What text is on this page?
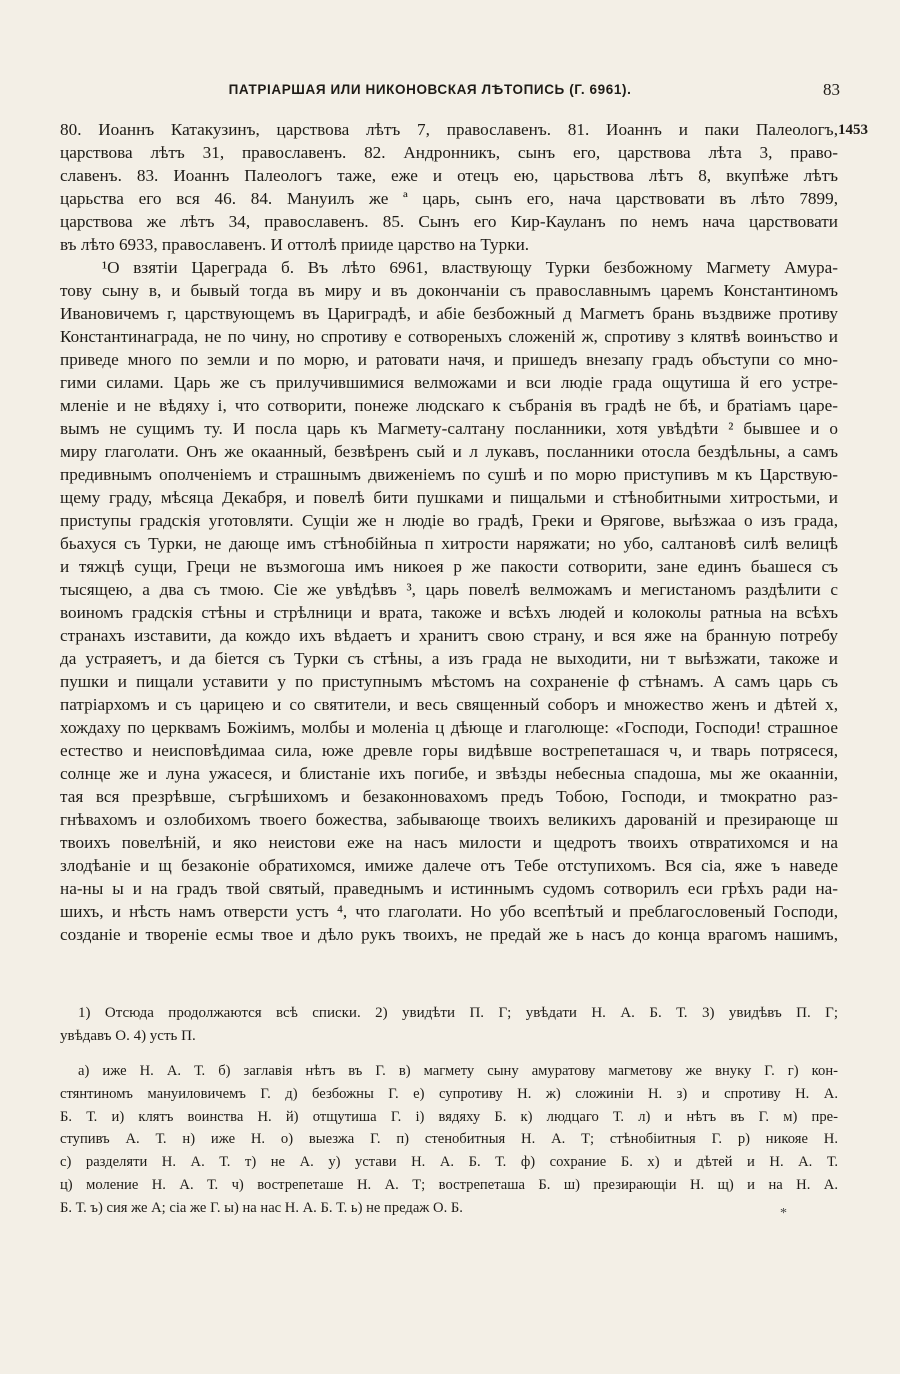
ПАТРІАРШАЯ ИЛИ НИКОНОВСКАЯ ЛѢТОПИСЬ (Г. 6961).	83
1453
80. Иоаннъ Катакузинъ, царствова лѣтъ 7, православенъ. 81. Иоаннъ и паки Палеологъ,
царствова лѣтъ 31, православенъ. 82. Андронникъ, сынъ его, царствова лѣта 3, право-
славенъ. 83. Иоаннъ Палеологъ таже, еже и отецъ ею, царьствова лѣтъ 8, вкупѣже лѣтъ
царьства его вся 46. 84. Мануилъ же ª царь, сынъ его, нача царствовати въ лѣто 7899,
царствова же лѣтъ 34, православенъ. 85. Сынъ его Кир-Кауланъ по немъ нача царствовати
въ лѣто 6933, православенъ. И оттолѣ прииде царство на Турки.
¹О взятіи Цареграда б. Въ лѣто 6961, властвующу Турки безбожному Магмету Амура-
тову сыну в, и бывый тогда въ миру и въ докончаніи съ православнымъ царемъ Константиномъ
Ивановичемъ г, царствующемъ въ Цариградѣ, и абіе безбожный д Магметъ брань въздвиже противу
Константинаграда, не по чину, но спротиву е сотвореныхъ сложеній ж, спротиву з клятвѣ воинъство и
приведе много по земли и по морю, и ратовати начя, и пришедъ внезапу градъ объступи со мно-
гими силами. Царь же съ прилучившимися велможами и вси людіе града ощутиша й его устре-
мленіе и не вѣдяху і, что сотворити, понеже людскаго к събранія въ градѣ не бѣ, и братіамъ царе-
вымъ не сущимъ ту. И посла царь къ Магмету-салтану посланники, хотя увѣдѣти ² бывшее и о
миру глаголати. Онъ же окаанный, безвѣренъ сый и л лукавъ, посланники отосла бездѣльны, а самъ
предивнымъ ополченіемъ и страшнымъ движеніемъ по сушѣ и по морю приступивъ м къ Царствую-
щему граду, мѣсяца Декабря, и повелѣ бити пушками и пищальми и стѣнобитными хитростьми, и
приступы градскія уготовляти. Сущіи же н людіе во градѣ, Греки и Өрягове, выѣзжаа о изъ града,
бьахуся съ Турки, не дающе имъ стѣнобійныа п хитрости наряжати; но убо, салтановѣ силѣ велицѣ
и тяжцѣ сущи, Греци не възмогоша имъ никоея р же пакости сотворити, зане единъ бьашеся съ
тысящею, а два съ тмою. Сіе же увѣдѣвъ ³, царь повелѣ велможамъ и мегистаномъ раздѣлити с
воиномъ градскія стѣны и стрѣлници и врата, такоже и всѣхъ людей и колоколы ратныа на всѣхъ
странахъ изставити, да кождо ихъ вѣдаетъ и хранитъ свою страну, и вся яже на бранную потребу
да устраяетъ, и да біется съ Турки съ стѣны, а изъ града не выходити, ни т выѣзжати, такоже и
пушки и пищали уставити у по приступнымъ мѣстомъ на сохраненіе ф стѣнамъ. А самъ царь съ
патріархомъ и съ царицею и со святители, и весь священный соборъ и множество женъ и дѣтей х,
хождаху по церквамъ Божіимъ, молбы и моленіа ц дѣюще и глаголюще: «Господи, Господи! страшное
естество и неисповѣдимаа сила, юже древле горы видѣвше вострепеташася ч, и тварь потрясеся,
солнце же и луна ужасеся, и блистаніе ихъ погибе, и звѣзды небесныа спадоша, мы же окаанніи,
тая вся презрѣвше, съгрѣшихомъ и безаконновахомъ предъ Тобою, Господи, и тмократно раз-
гнѣвахомъ и озлобихомъ твоего божества, забывающе твоихъ великихъ дарованій и презирающе ш
твоихъ повелѣній, и яко неистови еже на насъ милости и щедротъ твоихъ отвратихомся и на
злодѣаніе и щ безаконіе обратихомся, имиже далече отъ Тебе отступихомъ. Вся сіа, яже ъ наведе
на-ны ы и на градъ твой святый, праведнымъ и истиннымъ судомъ сотворилъ еси грѣхъ ради на-
шихъ, и нѣсть намъ отверсти устъ ⁴, что глаголати. Но убо всепѣтый и преблагословеный Господи,
созданіе и твореніе есмы твое и дѣло рукъ твоихъ, не предай же ь насъ до конца врагомъ нашимъ,
1) Отсюда продолжаются всѣ списки. 2) увидѣти П. Г; увѣдати Н. А. Б. Т. 3) увидѣвъ П. Г;
увѣдавъ О. 4) усть П.
а) иже Н. А. Т. б) заглавія нѣтъ въ Г. в) магмету сыну амуратову магметову же внуку Г. г) кон-
стянтиномъ мануиловичемъ Г. д) безбожны Г. е) супротиву Н. ж) сложиніи Н. з) и спротиву Н. А.
Б. Т. и) клятъ воинства Н. й) отщутиша Г. і) вядяху Б. к) людцаго Т. л) и нѣтъ въ Г. м) пре-
ступивъ А. Т. н) иже Н. о) выезжа Г. п) стенобитныя Н. А. Т; стѣнобіитныя Г. р) никояе Н.
с) разделяти Н. А. Т. т) не А. у) устави Н. А. Б. Т. ф) сохраниe Б. х) и дѣтей и Н. А. Т.
ц) моление Н. А. Т. ч) вострепеташе Н. А. Т; вострепеташа Б. ш) презирающіи Н. щ) и на Н. А.
Б. Т. ъ) сия же А; сіа же Г. ы) на нас Н. А. Б. Т. ь) не предаж О. Б.	*
